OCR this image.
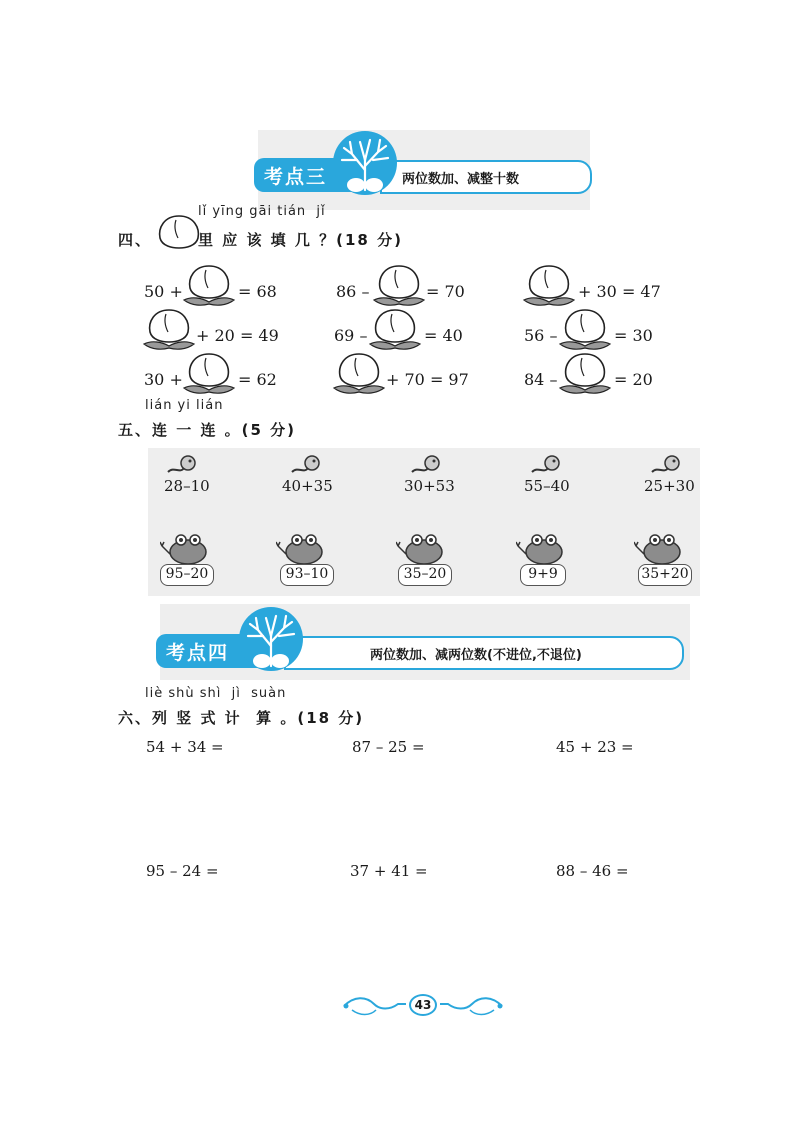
考点三	两位数加、减整十数
lǐ yīng gāi tián  jǐ
四、	里 应 该 填 几 ？(18 分)
50 +	= 68	86 –	= 70	+ 30 = 47
+ 20 = 49	69 –	= 40	56 –	= 30
30 +	= 62	+ 70 = 97	84 –	= 20
lián yi lián
五、连 一 连 。(5 分)
28–10	40+35	30+53	55–40	25+30
95–20	93–10	35–20	9+9	35+20
考点四	两位数加、减两位数(不进位,不退位)
liè shù shì  jì  suàn
六、列 竖 式 计  算 。(18 分)
54 + 34 =	87 – 25 =	45 + 23 =
95 – 24 =	37 + 41 =	88 – 46 =
43
